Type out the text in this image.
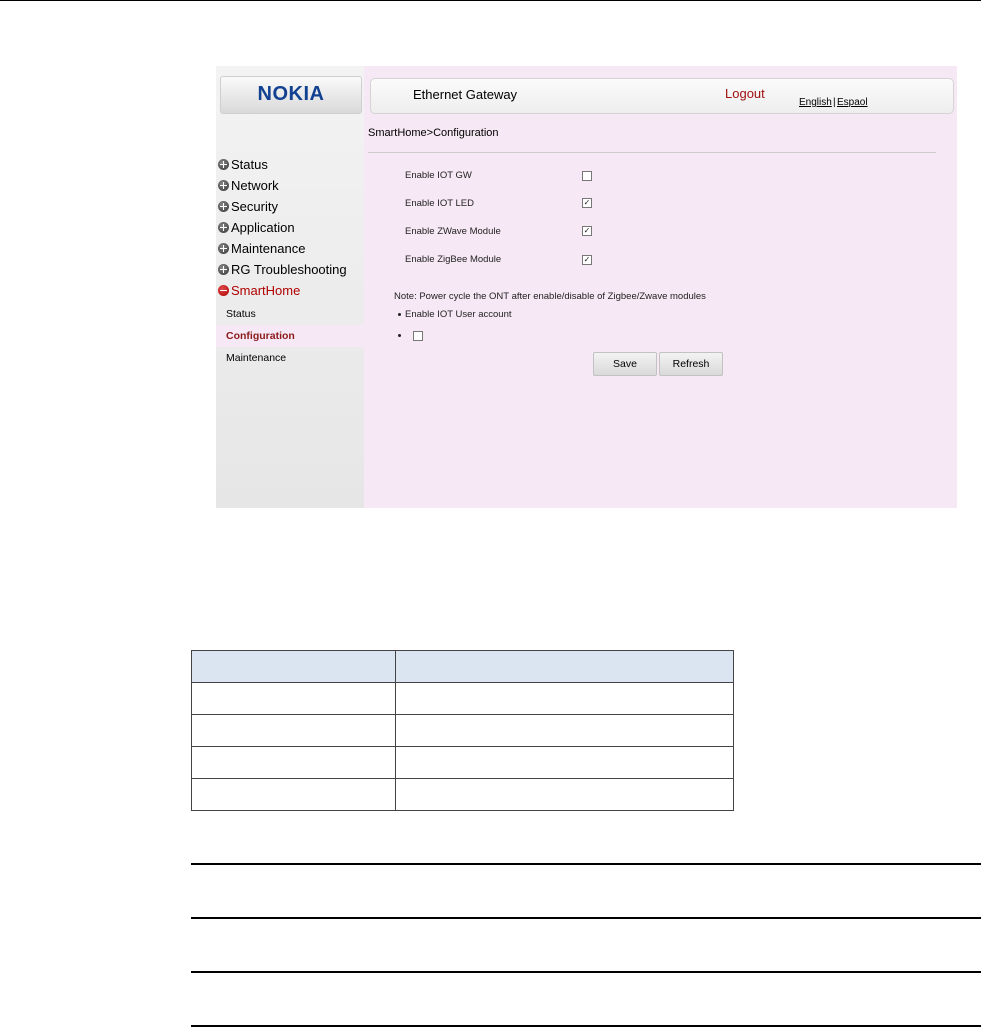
NOKIA
Status
Network
Security
Application
Maintenance
RG Troubleshooting
SmartHome
Status
Configuration
Maintenance
Ethernet Gateway	Logout
English | Espaol
SmartHome>Configuration
Enable IOT GW
Enable IOT LED	✓
Enable ZWave Module	✓
Enable ZigBee Module	✓
Note: Power cycle the ONT after enable/disable of Zigbee/Zwave modules
Enable IOT User account
Save	Refresh
